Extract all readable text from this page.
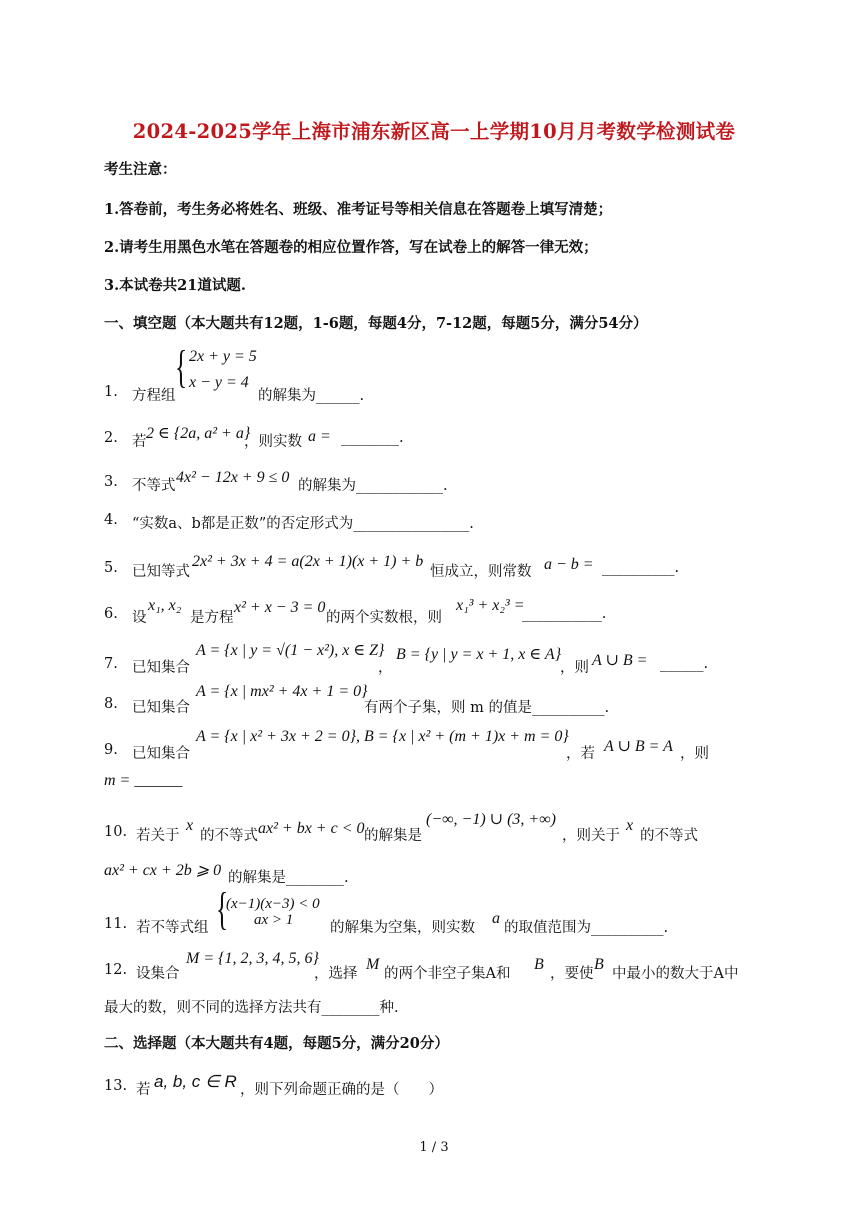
2024-2025学年上海市浦东新区高一上学期10月月考数学检测试卷
考生注意：
1.答卷前，考生务必将姓名、班级、准考证号等相关信息在答题卷上填写清楚；
2.请考生用黑色水笔在答题卷的相应位置作答，写在试卷上的解答一律无效；
3.本试卷共21道试题.
一、填空题（本大题共有12题，1-6题，每题4分，7-12题，每题5分，满分54分）
1. 方程组
{ 2x + y = 5
x − y = 4
的解集为______.
2. 若 2 ∈ {2a, a² + a}
，则实数 a = ________.
3. 不等式 4x² − 12x + 9 ≤ 0 的解集为____________.
4. “实数a、b都是正数”的否定形式为________________.
5. 已知等式
2x² + 3x + 4 = a(2x + 1)(x + 1) + b
恒成立，则常数 a − b = __________.
6. 设
x₁, x₂
是方程
x² + x − 3 = 0
的两个实数根，则
x₁³ + x₂³ =
___________.
7. 已知集合
A = {x | y = √(1 − x²), x ∈ Z}
，
B = {y | y = x + 1, x ∈ A}
，则 A ∪ B = ______.
8. 已知集合
A = {x | mx² + 4x + 1 = 0}
有两个子集，则 m 的值是__________.
9. 已知集合
A = {x | x² + 3x + 2 = 0}, B = {x | x² + (m + 1)x + m = 0}
，若 A ∪ B = A ，则
m = ______
10. 若关于
x
的不等式 ax² + bx + c < 0 的解集是
(−∞, −1) ∪ (3, +∞)
，则关于
x
的不等式
ax² + cx + 2b ⩾ 0 的解集是________.
11. 若不等式组 {
(x−1)(x−3) < 0
ax > 1	的解集为空集，则实数
a
的取值范围为__________.
12. 设集合
M = {1, 2, 3, 4, 5, 6}
，选择
M
的两个非空子集A和
B
，要使
B
中最小的数大于A中
最大的数，则不同的选择方法共有________种.
二、选择题（本大题共有4题，每题5分，满分20分）
13. 若 a, b, c ∈ R ，则下列命题正确的是（　　）
1 / 3
